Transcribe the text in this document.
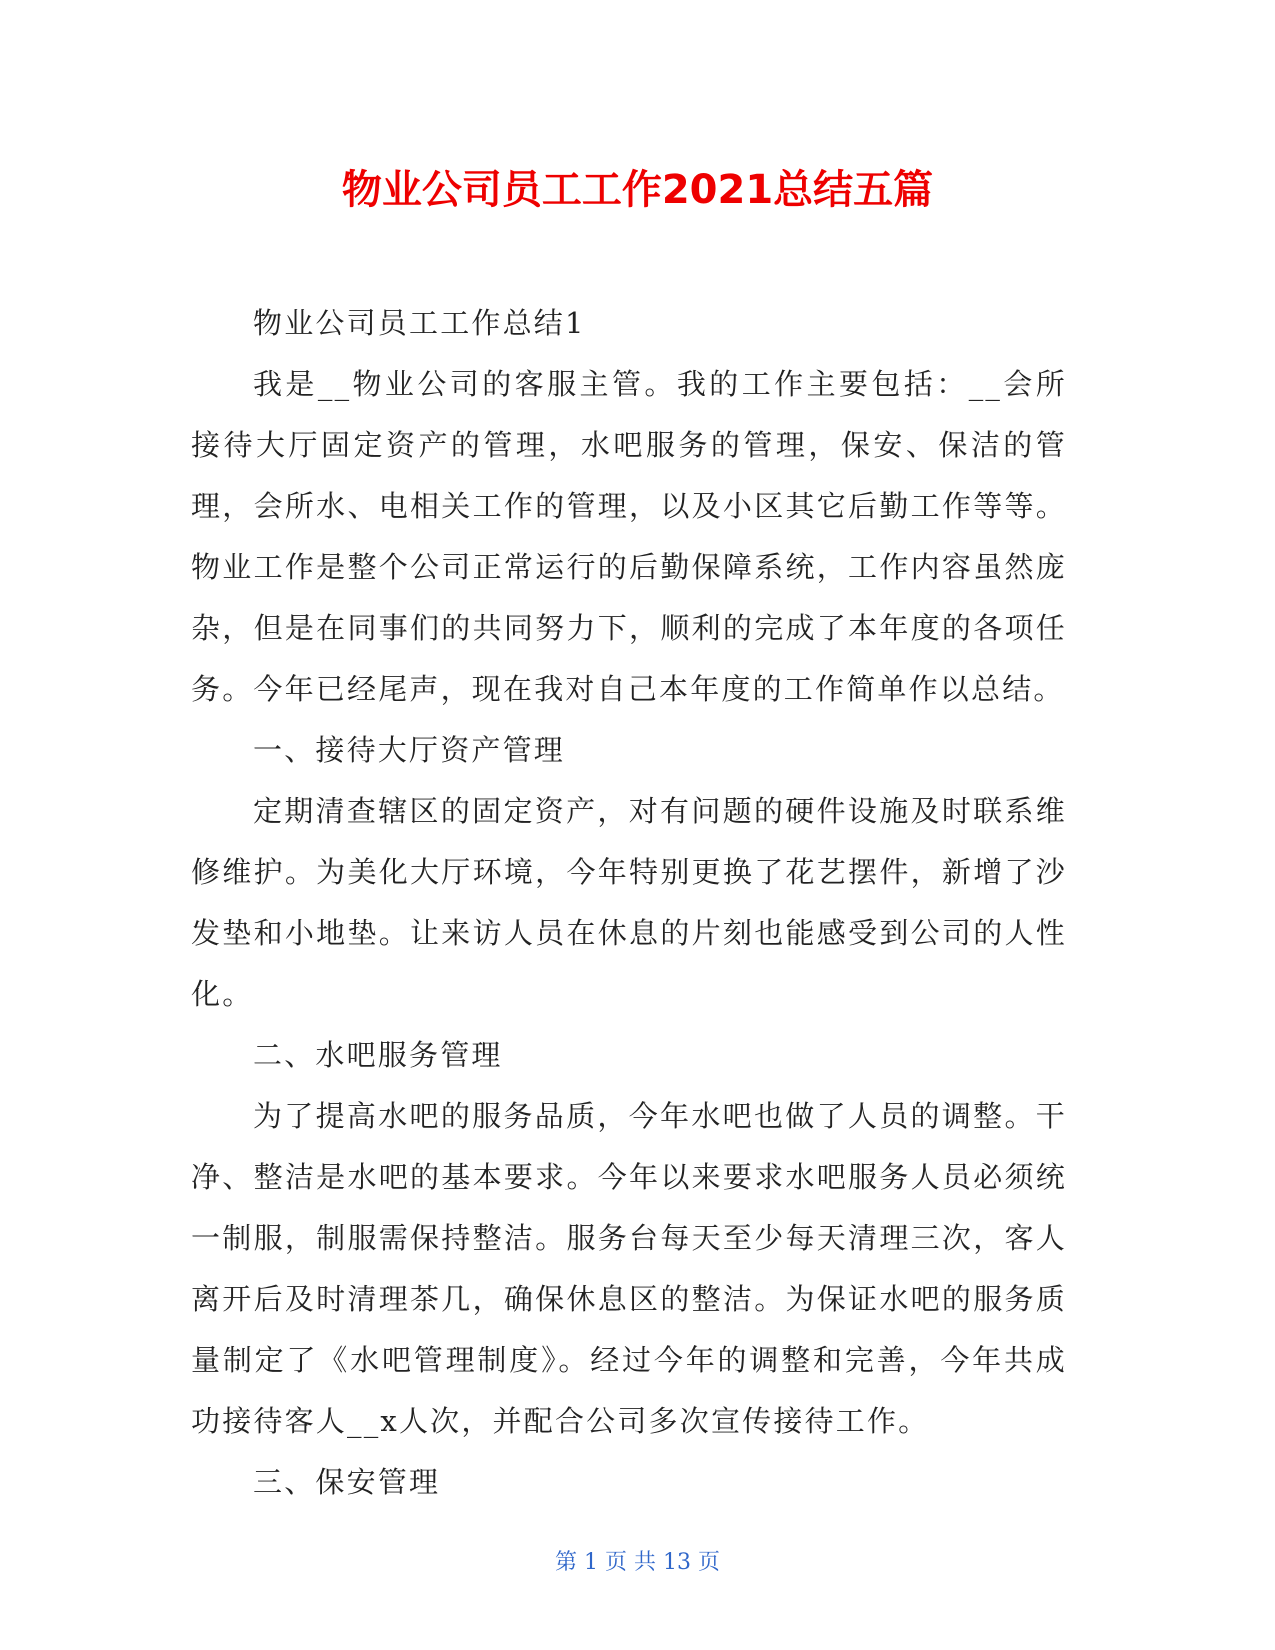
物业公司员工工作2021总结五篇

物业公司员工工作总结1

我是__物业公司的客服主管。我的工作主要包括：__会所接待大厅固定资产的管理，水吧服务的管理，保安、保洁的管理，会所水、电相关工作的管理，以及小区其它后勤工作等等。物业工作是整个公司正常运行的后勤保障系统，工作内容虽然庞杂，但是在同事们的共同努力下，顺利的完成了本年度的各项任务。今年已经尾声，现在我对自己本年度的工作简单作以总结。

一、接待大厅资产管理

定期清查辖区的固定资产，对有问题的硬件设施及时联系维修维护。为美化大厅环境，今年特别更换了花艺摆件，新增了沙发垫和小地垫。让来访人员在休息的片刻也能感受到公司的人性化。

二、水吧服务管理

为了提高水吧的服务品质，今年水吧也做了人员的调整。干净、整洁是水吧的基本要求。今年以来要求水吧服务人员必须统一制服，制服需保持整洁。服务台每天至少每天清理三次，客人离开后及时清理茶几，确保休息区的整洁。为保证水吧的服务质量制定了《水吧管理制度》。经过今年的调整和完善，今年共成功接待客人__x人次，并配合公司多次宣传接待工作。

三、保安管理

第 1 页 共 13 页
